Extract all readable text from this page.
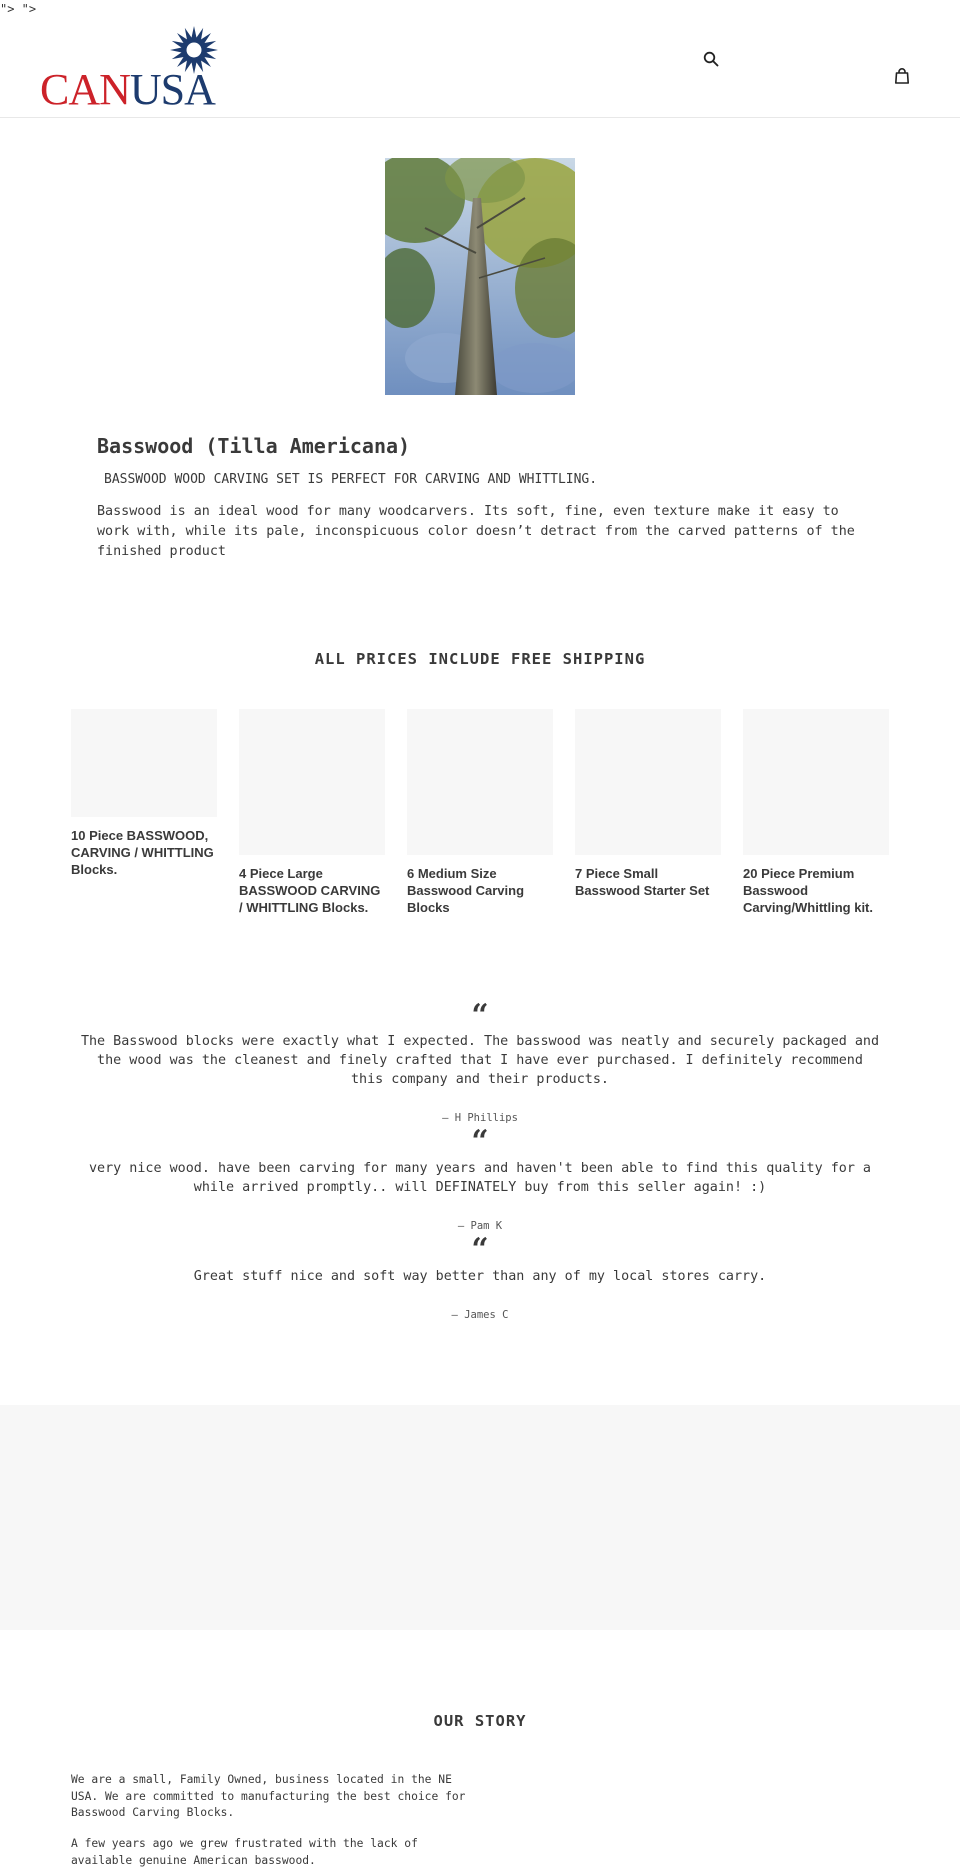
"> ">
CANUSA
Basswood (Tilla Americana)

BASSWOOD WOOD CARVING SET IS PERFECT FOR CARVING AND WHITTLING.

Basswood is an ideal wood for many woodcarvers. Its soft, fine, even texture make it easy to work with, while its pale, inconspicuous color doesn’t detract from the carved patterns of the finished product

ALL PRICES INCLUDE FREE SHIPPING
10 Piece BASSWOOD, CARVING / WHITTLING Blocks.	4 Piece Large BASSWOOD CARVING / WHITTLING Blocks.
6 Medium Size Basswood Carving Blocks
7 Piece Small Basswood Starter Set
20 Piece Premium Basswood Carving/Whittling kit.
“

The Basswood blocks were exactly what I expected. The basswood was neatly and securely packaged and the wood was the cleanest and finely crafted that I have ever purchased. I definitely recommend this company and their products.

— H Phillips
“

very nice wood. have been carving for many years and haven't been able to find this quality for a while arrived promptly.. will DEFINATELY buy from this seller again! :)

— Pam K
“

Great stuff nice and soft way better than any of my local stores carry.

— James C
OUR STORY

We are a small, Family Owned, business located in the NE USA. We are committed to manufacturing the best choice for Basswood Carving Blocks.

A few years ago we grew frustrated with the lack of available genuine American basswood.
